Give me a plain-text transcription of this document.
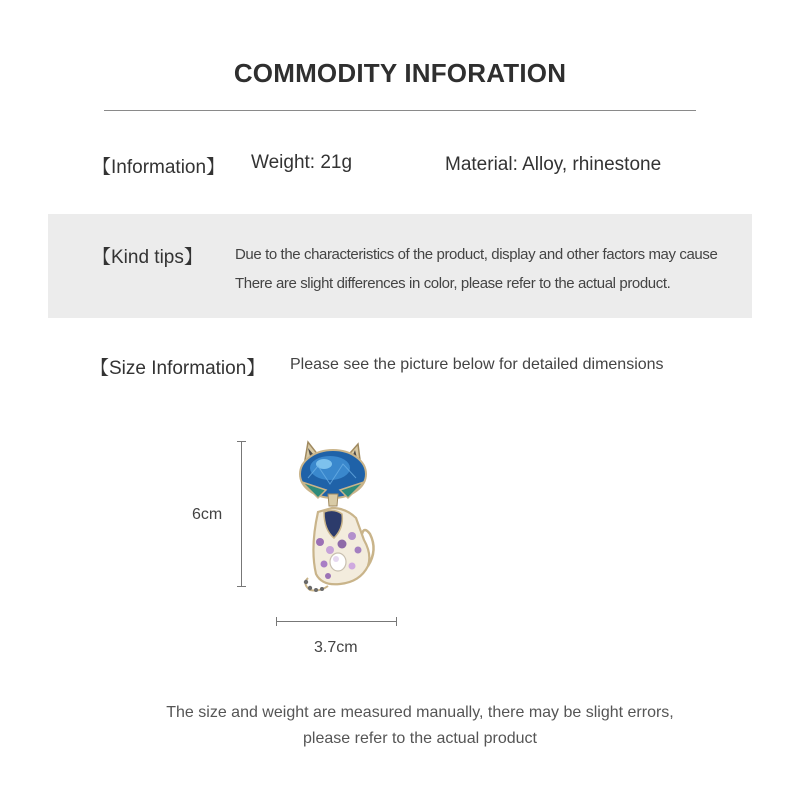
COMMODITY INFORATION
【Information】 Weight: 21g	Material: Alloy, rhinestone
【Kind tips】 Due to the characteristics of the product, display and other factors may cause
There are slight differences in color, please refer to the actual product.
【Size Information】 Please see the picture below for detailed dimensions
6cm
3.7cm
The size and weight are measured manually, there may be slight errors,
please refer to the actual product
